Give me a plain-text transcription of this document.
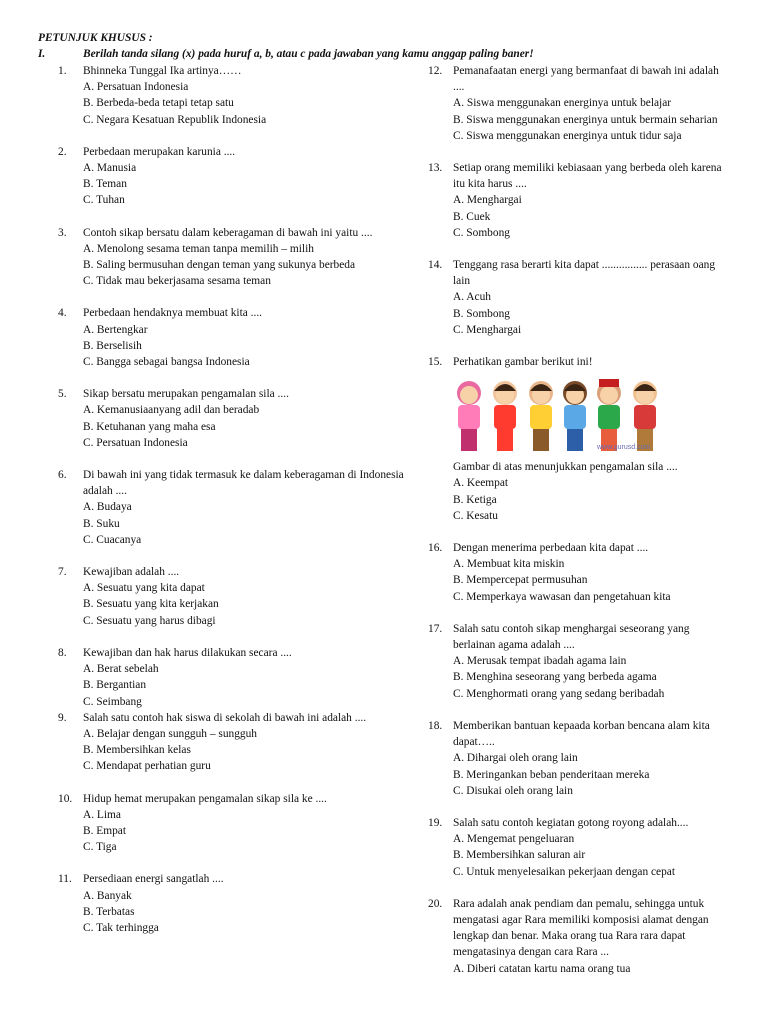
PETUNJUK KHUSUS :
I.	Berilah tanda silang (x) pada huruf a, b, atau c pada jawaban yang kamu anggap paling baner!
1.	Bhinneka Tunggal Ika artinya……
A. Persatuan Indonesia
B. Berbeda-beda tetapi tetap satu
C. Negara Kesatuan Republik Indonesia
2.	Perbedaan merupakan karunia ....
A. Manusia
B. Teman
C. Tuhan
3.	Contoh sikap bersatu dalam keberagaman di bawah ini yaitu ....
A. Menolong sesama teman tanpa memilih – milih
B. Saling bermusuhan dengan teman yang sukunya berbeda
C. Tidak mau bekerjasama sesama teman
4.	Perbedaan hendaknya membuat kita ....
A. Bertengkar
B. Berselisih
C. Bangga sebagai bangsa Indonesia
5.	Sikap bersatu merupakan pengamalan sila ....
A. Kemanusiaanyang adil dan beradab
B. Ketuhanan yang maha esa
C. Persatuan Indonesia
6.	Di bawah ini yang tidak termasuk ke dalam keberagaman di Indonesia adalah ....
A. Budaya
B. Suku
C. Cuacanya
7.	Kewajiban adalah ....
A. Sesuatu yang kita dapat
B. Sesuatu yang kita kerjakan
C. Sesuatu yang harus dibagi
8.	Kewajiban dan hak harus dilakukan secara ....
A. Berat sebelah
B. Bergantian
C. Seimbang
9.	Salah satu contoh hak siswa di sekolah di bawah ini adalah ....
A. Belajar dengan sungguh – sungguh
B. Membersihkan kelas
C. Mendapat perhatian guru
10. Hidup hemat merupakan pengamalan sikap sila ke ....
A. Lima
B. Empat
C. Tiga
11. Persediaan energi sangatlah ....
A. Banyak
B. Terbatas
C. Tak terhingga
12. Pemanafaatan energi yang bermanfaat di bawah ini adalah ....
A. Siswa menggunakan energinya untuk belajar
B. Siswa menggunakan energinya untuk bermain seharian
C. Siswa menggunakan energinya untuk tidur saja
13. Setiap orang memiliki kebiasaan yang berbeda oleh karena itu kita harus ....
A. Menghargai
B. Cuek
C. Sombong
14. Tenggang rasa berarti kita dapat ................ perasaan oang lain
A. Acuh
B. Sombong
C. Menghargai
15. Perhatikan gambar berikut ini!
www.gurusd.com
Gambar di atas menunjukkan pengamalan sila ....
A. Keempat
B. Ketiga
C. Kesatu
16. Dengan menerima perbedaan kita dapat ....
A. Membuat kita miskin
B. Mempercepat permusuhan
C. Memperkaya wawasan dan pengetahuan kita
17. Salah satu contoh sikap menghargai seseorang yang berlainan agama adalah ....
A. Merusak tempat ibadah agama lain
B. Menghina seseorang yang berbeda agama
C. Menghormati orang yang sedang beribadah
18. Memberikan bantuan kepaada korban bencana alam kita dapat…..
A. Dihargai oleh orang lain
B. Meringankan beban penderitaan mereka
C. Disukai oleh orang lain
19. Salah satu contoh kegiatan gotong royong adalah....
A. Mengemat pengeluaran
B. Membersihkan saluran air
C. Untuk menyelesaikan pekerjaan dengan cepat
20. Rara adalah anak pendiam dan pemalu, sehingga untuk mengatasi agar Rara memiliki komposisi alamat dengan lengkap dan benar. Maka orang tua Rara rara dapat mengatasinya dengan cara Rara ...
A. Diberi catatan kartu nama orang tua
